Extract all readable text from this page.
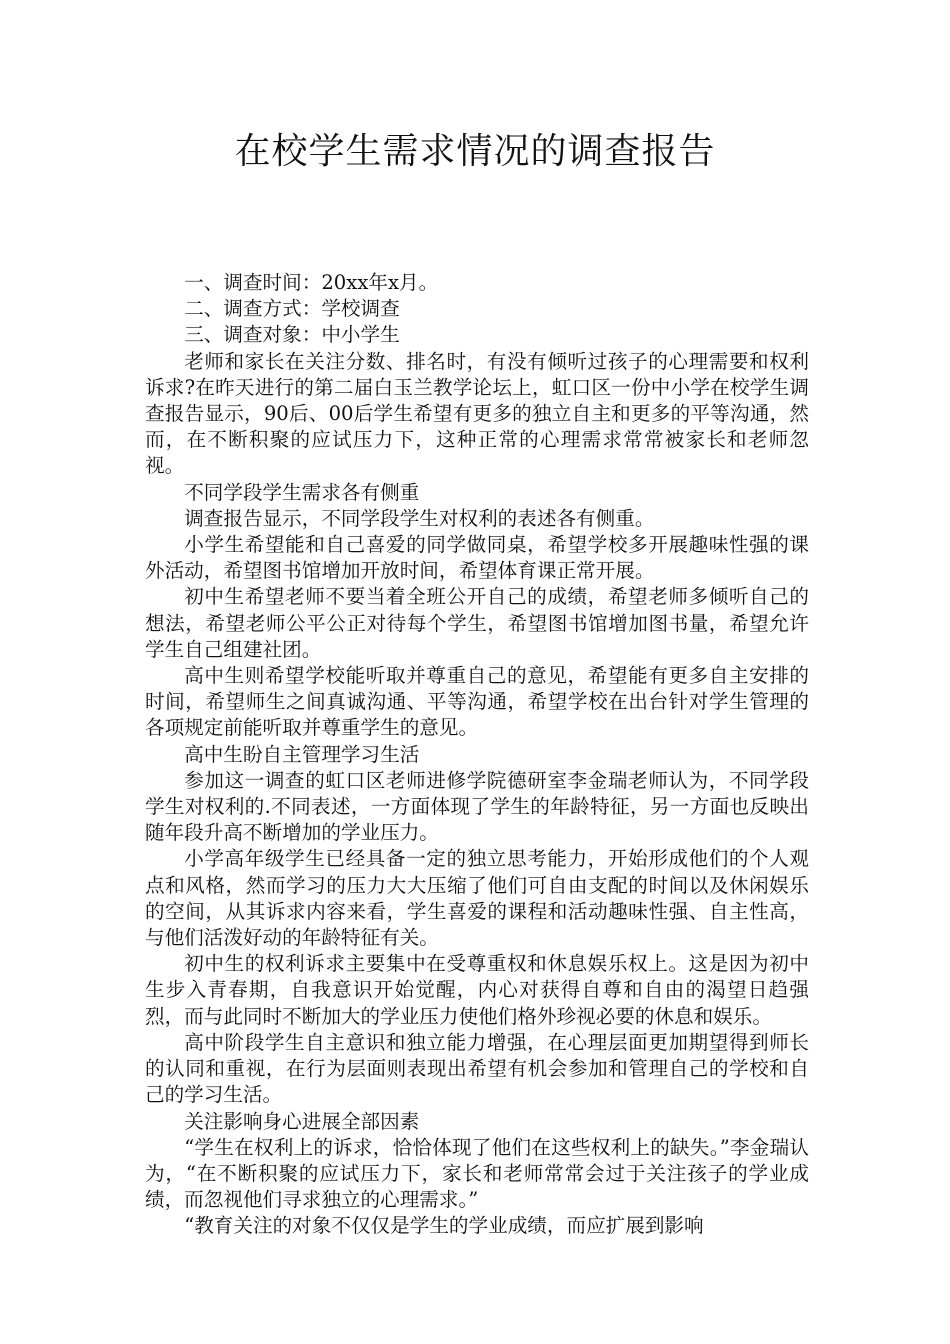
在校学生需求情况的调查报告

一、调查时间：20xx年x月。

二、调查方式：学校调查

三、调查对象：中小学生

老师和家长在关注分数、排名时，有没有倾听过孩子的心理需要和权利诉求?在昨天进行的第二届白玉兰教学论坛上，虹口区一份中小学在校学生调查报告显示，90后、00后学生希望有更多的独立自主和更多的平等沟通，然而，在不断积聚的应试压力下，这种正常的心理需求常常被家长和老师忽视。

不同学段学生需求各有侧重

调查报告显示，不同学段学生对权利的表述各有侧重。

小学生希望能和自己喜爱的同学做同桌，希望学校多开展趣味性强的课外活动，希望图书馆增加开放时间，希望体育课正常开展。

初中生希望老师不要当着全班公开自己的成绩，希望老师多倾听自己的想法，希望老师公平公正对待每个学生，希望图书馆增加图书量，希望允许学生自己组建社团。

高中生则希望学校能听取并尊重自己的意见，希望能有更多自主安排的时间，希望师生之间真诚沟通、平等沟通，希望学校在出台针对学生管理的各项规定前能听取并尊重学生的意见。

高中生盼自主管理学习生活

参加这一调查的虹口区老师进修学院德研室李金瑞老师认为，不同学段学生对权利的.不同表述，一方面体现了学生的年龄特征，另一方面也反映出随年段升高不断增加的学业压力。

小学高年级学生已经具备一定的独立思考能力，开始形成他们的个人观点和风格，然而学习的压力大大压缩了他们可自由支配的时间以及休闲娱乐的空间，从其诉求内容来看，学生喜爱的课程和活动趣味性强、自主性高，与他们活泼好动的年龄特征有关。

初中生的权利诉求主要集中在受尊重权和休息娱乐权上。这是因为初中生步入青春期，自我意识开始觉醒，内心对获得自尊和自由的渴望日趋强烈，而与此同时不断加大的学业压力使他们格外珍视必要的休息和娱乐。

高中阶段学生自主意识和独立能力增强，在心理层面更加期望得到师长的认同和重视，在行为层面则表现出希望有机会参加和管理自己的学校和自己的学习生活。

关注影响身心进展全部因素

“学生在权利上的诉求，恰恰体现了他们在这些权利上的缺失。”李金瑞认为，“在不断积聚的应试压力下，家长和老师常常会过于关注孩子的学业成绩，而忽视他们寻求独立的心理需求。”

“教育关注的对象不仅仅是学生的学业成绩，而应扩展到影响
